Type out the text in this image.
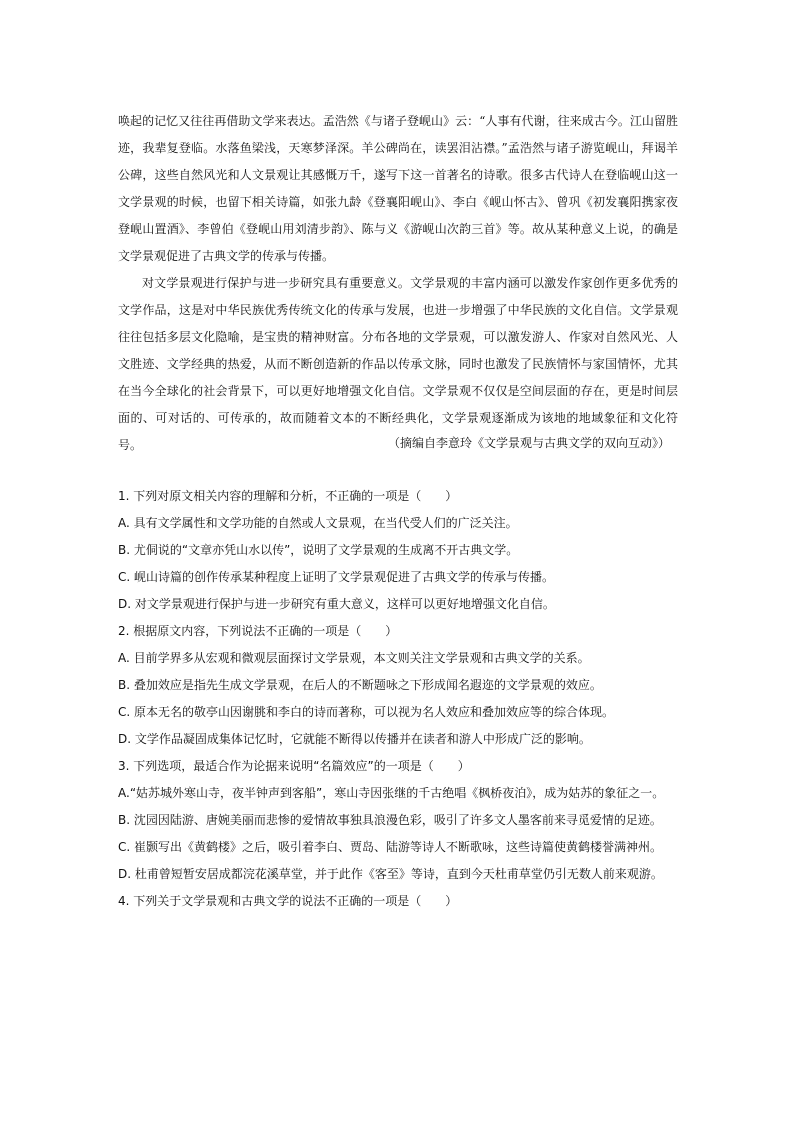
唤起的记忆又往往再借助文学来表达。孟浩然《与诸子登岘山》云：“人事有代谢，往来成古今。江山留胜迹，我辈复登临。水落鱼梁浅，天寒梦泽深。羊公碑尚在，读罢泪沾襟。”孟浩然与诸子游览岘山，拜谒羊公碑，这些自然风光和人文景观让其感慨万千，遂写下这一首著名的诗歌。很多古代诗人在登临岘山这一文学景观的时候，也留下相关诗篇，如张九龄《登襄阳岘山》、李白《岘山怀古》、曾巩《初发襄阳携家夜登岘山置酒》、李曾伯《登岘山用刘清步韵》、陈与义《游岘山次韵三首》等。故从某种意义上说，的确是文学景观促进了古典文学的传承与传播。

对文学景观进行保护与进一步研究具有重要意义。文学景观的丰富内涵可以激发作家创作更多优秀的文学作品，这是对中华民族优秀传统文化的传承与发展，也进一步增强了中华民族的文化自信。文学景观往往包括多层文化隐喻，是宝贵的精神财富。分布各地的文学景观，可以激发游人、作家对自然风光、人文胜迹、文学经典的热爱，从而不断创造新的作品以传承文脉，同时也激发了民族情怀与家国情怀，尤其在当今全球化的社会背景下，可以更好地增强文化自信。文学景观不仅仅是空间层面的存在，更是时间层面的、可对话的、可传承的，故而随着文本的不断经典化，文学景观逐渐成为该地的地域象征和文化符号。	（摘编自李意玲《文学景观与古典文学的双向互动》）

1. 下列对原文相关内容的理解和分析，不正确的一项是（　　）

A. 具有文学属性和文学功能的自然或人文景观，在当代受人们的广泛关注。

B. 尤侗说的“文章亦凭山水以传”，说明了文学景观的生成离不开古典文学。

C. 岘山诗篇的创作传承某种程度上证明了文学景观促进了古典文学的传承与传播。

D. 对文学景观进行保护与进一步研究有重大意义，这样可以更好地增强文化自信。

2. 根据原文内容，下列说法不正确的一项是（　　）

A. 目前学界多从宏观和微观层面探讨文学景观，本文则关注文学景观和古典文学的关系。

B. 叠加效应是指先生成文学景观，在后人的不断题咏之下形成闻名遐迩的文学景观的效应。

C. 原本无名的敬亭山因谢朓和李白的诗而著称，可以视为名人效应和叠加效应等的综合体现。

D. 文学作品凝固成集体记忆时，它就能不断得以传播并在读者和游人中形成广泛的影响。

3. 下列选项，最适合作为论据来说明“名篇效应”的一项是（　　）

A.“姑苏城外寒山寺，夜半钟声到客船”，寒山寺因张继的千古绝唱《枫桥夜泊》，成为姑苏的象征之一。

B. 沈园因陆游、唐婉美丽而悲惨的爱情故事独具浪漫色彩，吸引了许多文人墨客前来寻觅爱情的足迹。

C. 崔颢写出《黄鹤楼》之后，吸引着李白、贾岛、陆游等诗人不断歌咏，这些诗篇使黄鹤楼誉满神州。

D. 杜甫曾短暂安居成都浣花溪草堂，并于此作《客至》等诗，直到今天杜甫草堂仍引无数人前来观游。

4. 下列关于文学景观和古典文学的说法不正确的一项是（　　）
